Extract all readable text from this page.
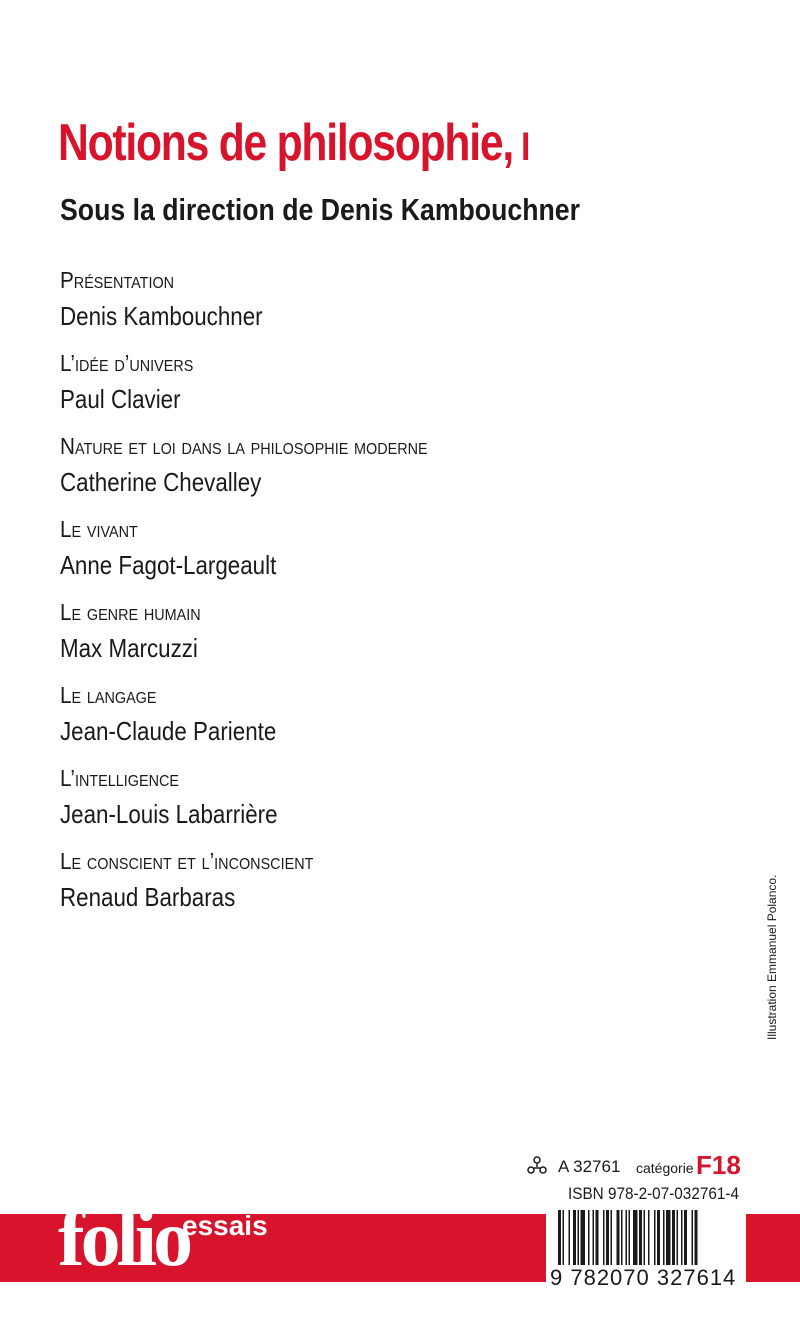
Notions de philosophie, I
Sous la direction de Denis Kambouchner
Présentation
Denis Kambouchner
L’idée d’univers
Paul Clavier
Nature et loi dans la philosophie moderne
Catherine Chevalley
Le vivant
Anne Fagot-Largeault
Le genre humain
Max Marcuzzi
Le langage
Jean-Claude Pariente
L’intelligence
Jean-Louis Labarrière
Le conscient et l’inconscient
Renaud Barbaras	Illustration Emmanuel Polanco.

A 32761 catégorie F18
ISBN 978-2-07-032761-4

folio

essais

9 782070 327614
